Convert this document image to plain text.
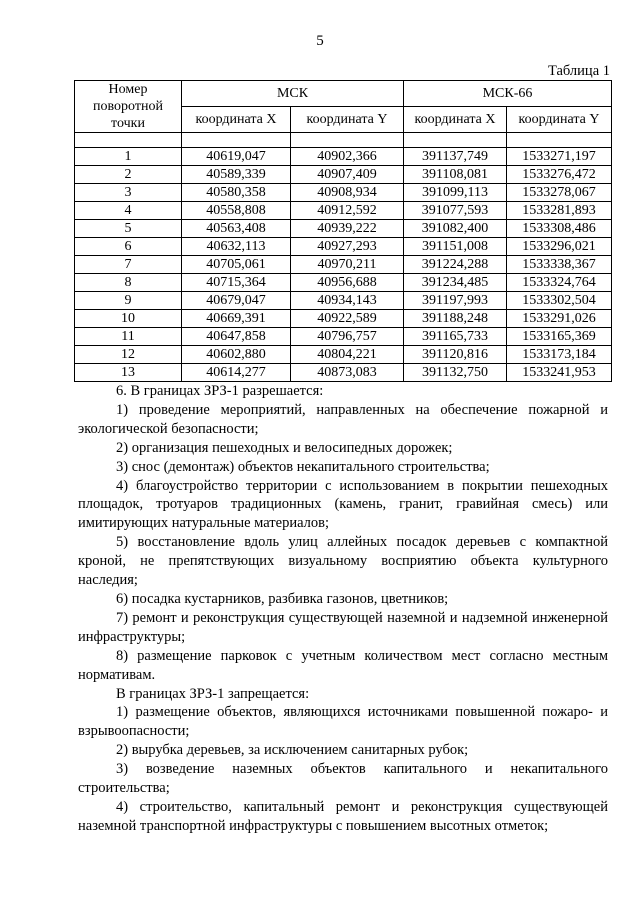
5
Таблица 1
Номер
поворотной
точки	МСК		МСК-66	
	координата X	координата Y	координата X	координата Y

1	40619,047	40902,366	391137,749	1533271,197
2	40589,339	40907,409	391108,081	1533276,472
3	40580,358	40908,934	391099,113	1533278,067
4	40558,808	40912,592	391077,593	1533281,893
5	40563,408	40939,222	391082,400	1533308,486
6	40632,113	40927,293	391151,008	1533296,021
7	40705,061	40970,211	391224,288	1533338,367
8	40715,364	40956,688	391234,485	1533324,764
9	40679,047	40934,143	391197,993	1533302,504
10	40669,391	40922,589	391188,248	1533291,026
11	40647,858	40796,757	391165,733	1533165,369
12	40602,880	40804,221	391120,816	1533173,184
13	40614,277	40873,083	391132,750	1533241,953

6. В границах ЗРЗ-1 разрешается:

1) проведение мероприятий, направленных на обеспечение пожарной и экологической безопасности;

2) организация пешеходных и велосипедных дорожек;

3) снос (демонтаж) объектов некапитального строительства;

4) благоустройство территории с использованием в покрытии пешеходных площадок, тротуаров традиционных (камень, гранит, гравийная смесь) или имитирующих натуральные материалов;

5) восстановление вдоль улиц аллейных посадок деревьев с компактной кроной, не препятствующих визуальному восприятию объекта культурного наследия;

6) посадка кустарников, разбивка газонов, цветников;

7) ремонт и реконструкция существующей наземной и надземной инженерной инфраструктуры;

8) размещение парковок с учетным количеством мест согласно местным нормативам.

В границах ЗРЗ-1 запрещается:

1) размещение объектов, являющихся источниками повышенной пожаро- и взрывоопасности;

2) вырубка деревьев, за исключением санитарных рубок;

3) возведение наземных объектов капитального и некапитального строительства;

4) строительство, капитальный ремонт и реконструкция существующей наземной транспортной инфраструктуры с повышением высотных отметок;
